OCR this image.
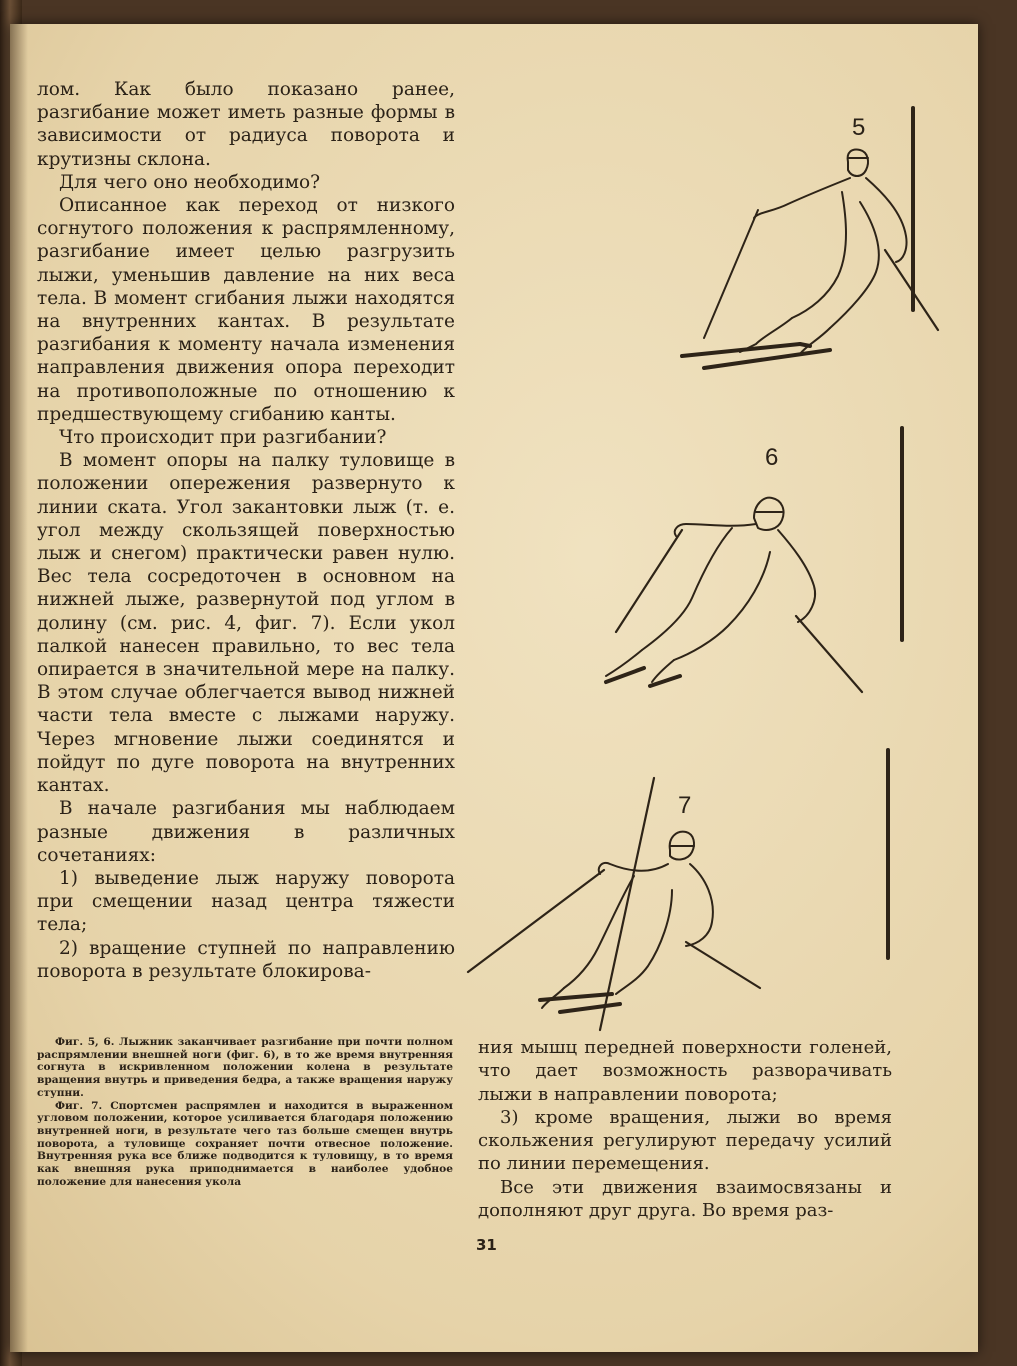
лом. Как было показано ранее, разгибание может иметь разные формы в зависимости от радиуса поворота и крутизны склона.

Для чего оно необходимо?

Описанное как переход от низкого согнутого положения к распрямленному, разгибание имеет целью разгрузить лыжи, уменьшив давление на них веса тела. В момент сгибания лыжи находятся на внутренних кантах. В результате разгибания к моменту начала изменения направления движения опора переходит на противоположные по отношению к предшествующему сгибанию канты.

Что происходит при разгибании?

В момент опоры на палку туловище в положении опережения развернуто к линии ската. Угол закантовки лыж (т. е. угол между скользящей поверхностью лыж и снегом) практически равен нулю. Вес тела сосредоточен в основном на нижней лыже, развернутой под углом в долину (см. рис. 4, фиг. 7). Если укол палкой нанесен правильно, то вес тела опирается в значительной мере на палку. В этом случае облегчается вывод нижней части тела вместе с лыжами наружу. Через мгновение лыжи соединятся и пойдут по дуге поворота на внутренних кантах.

В начале разгибания мы наблюдаем разные движения в различных сочетаниях:

1) выведение лыж наружу поворота при смещении назад центра тяжести тела;

2) вращение ступней по направлению поворота в результате блокирова-

Фиг. 5, 6. Лыжник заканчивает разгибание при почти полном распрямлении внешней ноги (фиг. 6), в то же время внутренняя согнута в искривленном положении колена в результате вращения внутрь и приведения бедра, а также вращения наружу ступни.

Фиг. 7. Спортсмен распрямлен и находится в выраженном угловом положении, которое усиливается благодаря положению внутренней ноги, в результате чего таз больше смещен внутрь поворота, а туловище сохраняет почти отвесное положение. Внутренняя рука все ближе подводится к туловищу, в то время как внешняя рука приподнимается в наиболее удобное положение для нанесения укола

ния мышц передней поверхности голеней, что дает возможность разворачивать лыжи в направлении поворота;

3) кроме вращения, лыжи во время скольжения регулируют передачу усилий по линии перемещения.

Все эти движения взаимосвязаны и дополняют друг друга. Во время раз-

31
5
6
7
